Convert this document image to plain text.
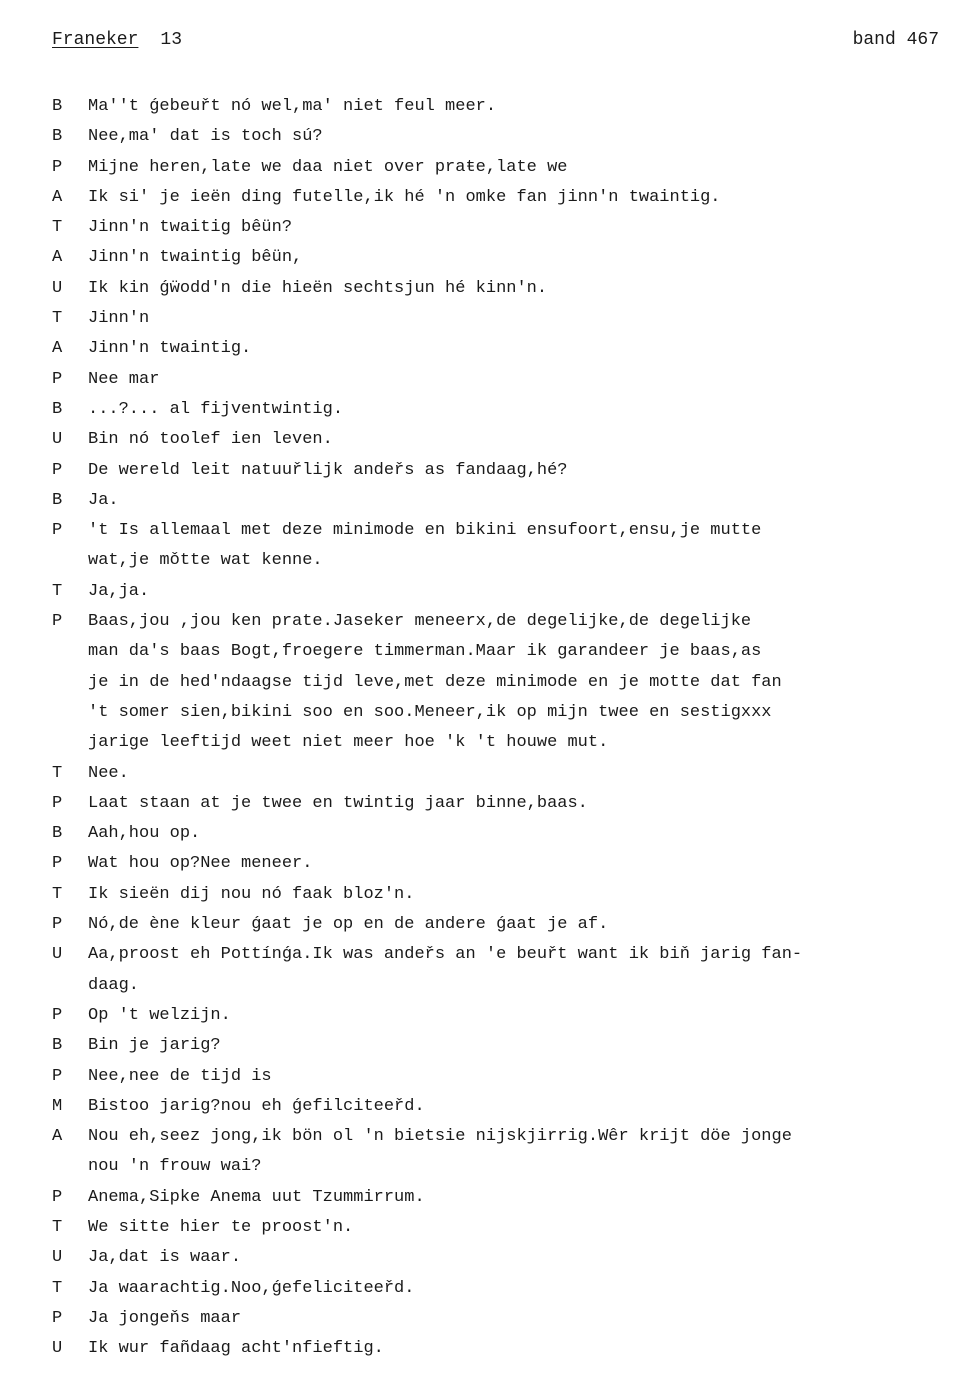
Franeker 13	band 467
B	Ma''t ǵebeuřt nó wel,ma' niet feul meer.
B	Nee,ma' dat is toch sú?
P	Mijne heren,late we daa niet over praŧe,late we
A	Ik si' je ieën ding futelle,ik hé 'n omke fan jinn'n twaintig.
T	Jinn'n twaitig bêün?
A	Jinn'n twaintig bêün,
U	Ik kin ǵẅodd'n die hieën sechtsjun hé kinn'n.
T	Jinn'n
A	Jinn'n twaintig.
P	Nee mar
B	...?... al fijventwintig.
U	Bin nó toolef ien leven.
P	De wereld leit natuuřlijk andeřs as fandaag,hé?
B	Ja.
P	't Is allemaal met deze minimode en bikini ensufoort,ensu,je mutte
wat,je mǒtte wat kenne.
T	Ja,ja.
P	Baas,jou ,jou ken prate.Jaseker meneerx,de degelijke,de degelijke
man da's baas Bogt,froegere timmerman.Maar ik garandeer je baas,as
je in de hed'ndaagse tijd leve,met deze minimode en je motte dat fan
't somer sien,bikini soo en soo.Meneer,ik op mijn twee en sestigxxx
jarige leeftijd weet niet meer hoe 'k 't houwe mut.
T	Nee.
P	Laat staan at je twee en twintig jaar binne,baas.
B	Aah,hou op.
P	Wat hou op?Nee meneer.
T	Ik sieën dij nou nó faak bloz'n.
P	Nó,de ène kleur ǵaat je op en de andere ǵaat je af.
U	Aa,proost eh Pottínǵa.Ik was andeřs an 'e beuřt want ik biň jarig fan-
daag.
P	Op 't welzijn.
B	Bin je jarig?
P	Nee,nee de tijd is
M	Bistoo jarig?nou eh ǵefilciteeřd.
A	Nou eh,seez jong,ik bön ol 'n bietsie nijskjirrig.Wêr krijt döe jonge
nou 'n frouw wai?
P	Anema,Sipke Anema uut Tzummirrum.
T	We sitte hier te proost'n.
U	Ja,dat is waar.
T	Ja waarachtig.Noo,ǵefeliciteeřd.
P	Ja jongeňs maar
U	Ik wur fañdaag acht'nfieftig.
